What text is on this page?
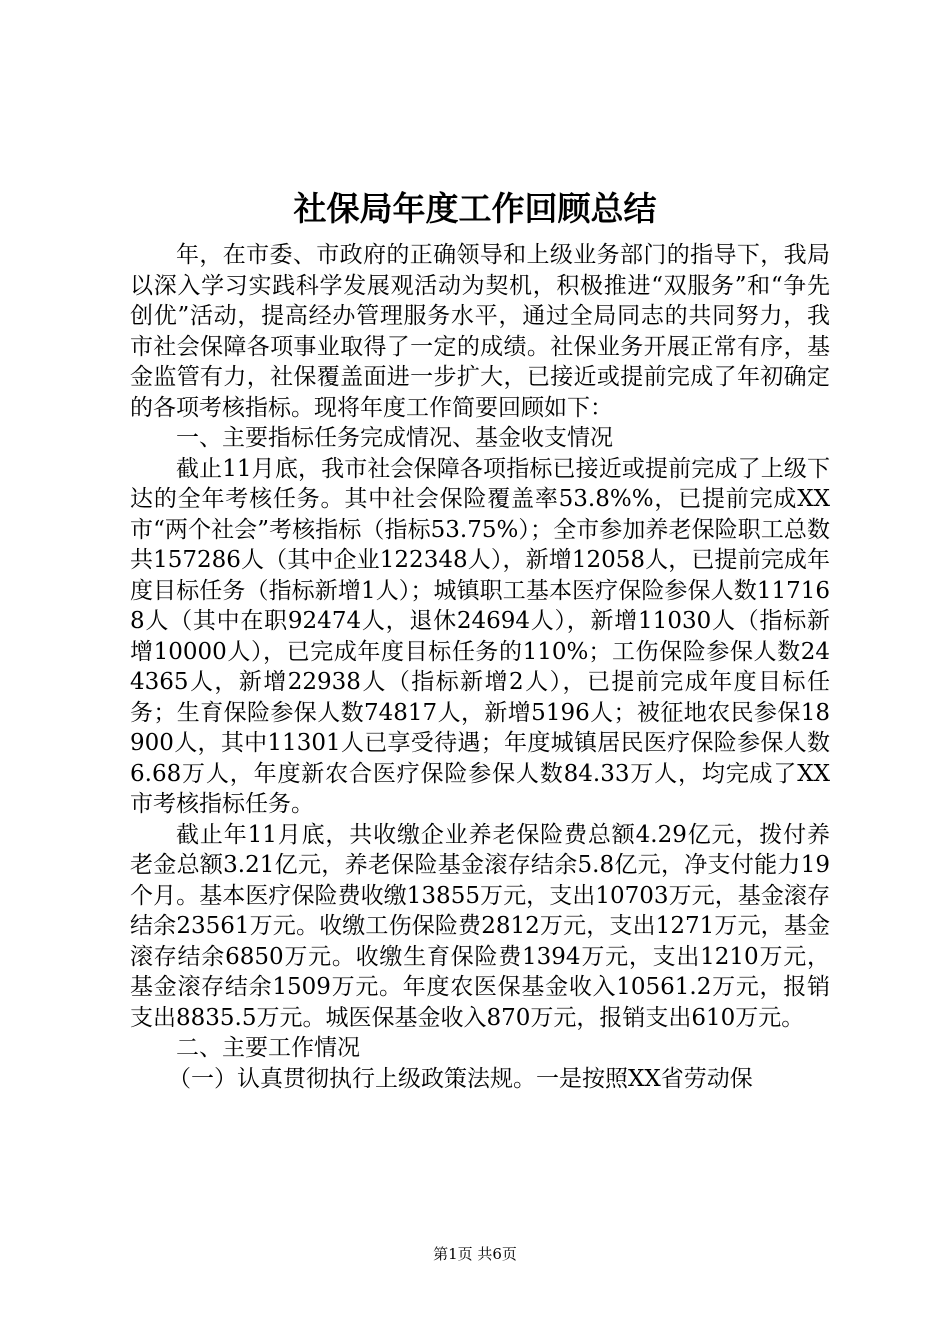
社保局年度工作回顾总结

年，在市委、市政府的正确领导和上级业务部门的指导下，我局以深入学习实践科学发展观活动为契机，积极推进“双服务”和“争先创优”活动，提高经办管理服务水平，通过全局同志的共同努力，我市社会保障各项事业取得了一定的成绩。社保业务开展正常有序，基金监管有力，社保覆盖面进一步扩大，已接近或提前完成了年初确定的各项考核指标。现将年度工作简要回顾如下：

一、主要指标任务完成情况、基金收支情况

截止11月底，我市社会保障各项指标已接近或提前完成了上级下达的全年考核任务。其中社会保险覆盖率53.8%%，已提前完成XX市“两个社会”考核指标（指标53.75%）；全市参加养老保险职工总数共157286人（其中企业122348人），新增12058人，已提前完成年度目标任务（指标新增1人）；城镇职工基本医疗保险参保人数117168人（其中在职92474人，退休24694人），新增11030人（指标新增10000人），已完成年度目标任务的110%；工伤保险参保人数244365人，新增22938人（指标新增2人），已提前完成年度目标任务；生育保险参保人数74817人，新增5196人；被征地农民参保18900人，其中11301人已享受待遇；年度城镇居民医疗保险参保人数6.68万人，年度新农合医疗保险参保人数84.33万人，均完成了XX市考核指标任务。

截止年11月底，共收缴企业养老保险费总额4.29亿元，拨付养老金总额3.21亿元，养老保险基金滚存结余5.8亿元，净支付能力19个月。基本医疗保险费收缴13855万元，支出10703万元，基金滚存结余23561万元。收缴工伤保险费2812万元，支出1271万元，基金滚存结余6850万元。收缴生育保险费1394万元，支出1210万元，基金滚存结余1509万元。年度农医保基金收入10561.2万元，报销支出8835.5万元。城医保基金收入870万元，报销支出610万元。

二、主要工作情况

（一）认真贯彻执行上级政策法规。一是按照XX省劳动保

第1页 共6页
